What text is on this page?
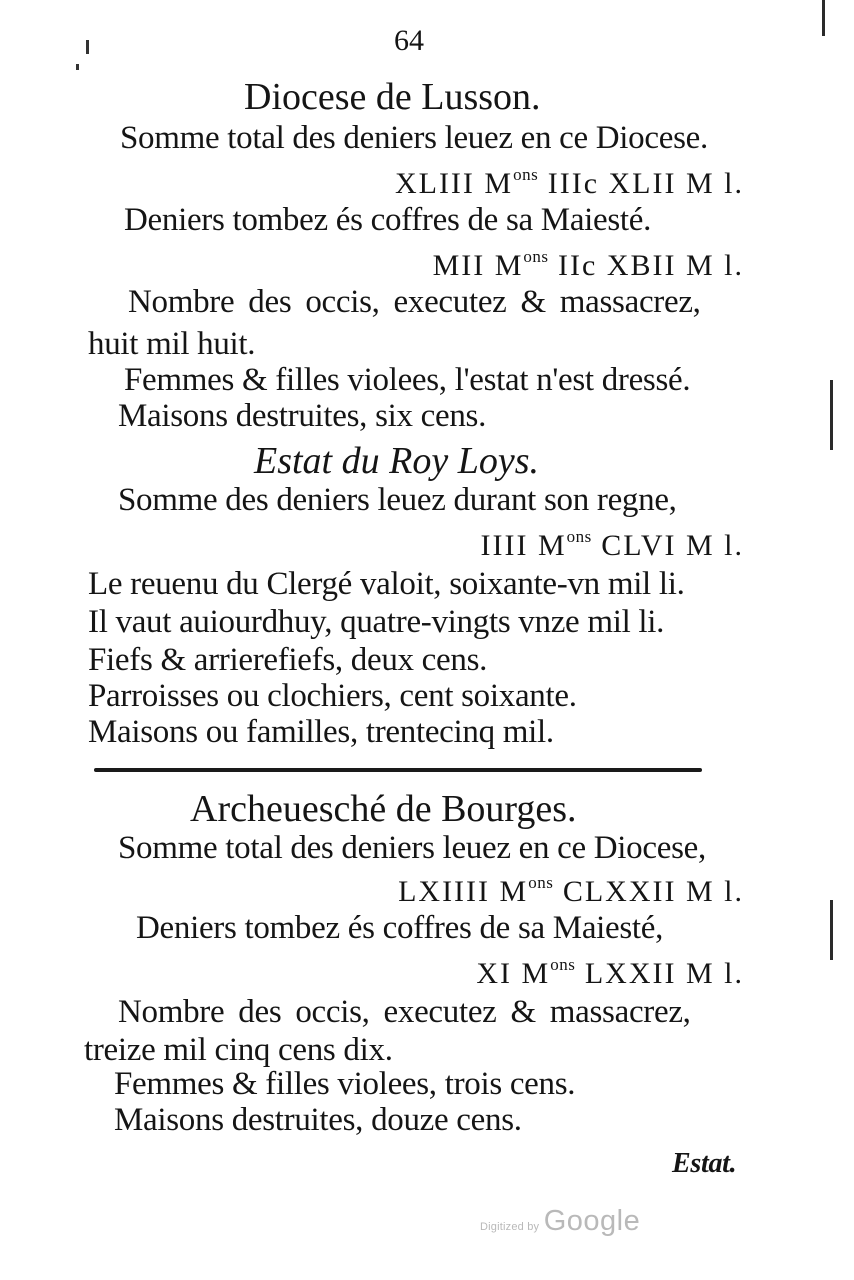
64
Diocese de Lusson.
Somme total des deniers leuez en ce Diocese.
XLIII $M^{ons}$ IIIc XLII M l.
Deniers tombez és coffres de sa Maiesté.
MII $M^{ons}$ IIc XBII M l.
Nombre des occis, executez & massacrez,
huit mil huit.
Femmes & filles violees, l'estat n'est dressé.
Maisons destruites, six cens.
Estat du Roy Loys.
Somme des deniers leuez durant son regne,
IIII $M^{ons}$ CLVI M l.
Le reuenu du Clergé valoit, soixante-vn mil li.
Il vaut auiourdhuy, quatre-vingts vnze mil li.
Fiefs & arrierefiefs, deux cens.
Parroisses ou clochiers, cent soixante.
Maisons ou familles, trentecinq mil.
Archeuesché de Bourges.
Somme total des deniers leuez en ce Diocese,
LXIIII $M^{ons}$ CLXXII M l.
Deniers tombez és coffres de sa Maiesté,
XI $M^{ons}$ LXXII M l.
Nombre des occis, executez & massacrez,
treize mil cinq cens dix.
Femmes & filles violees, trois cens.
Maisons destruites, douze cens.
Estat.
Digitized by Google
